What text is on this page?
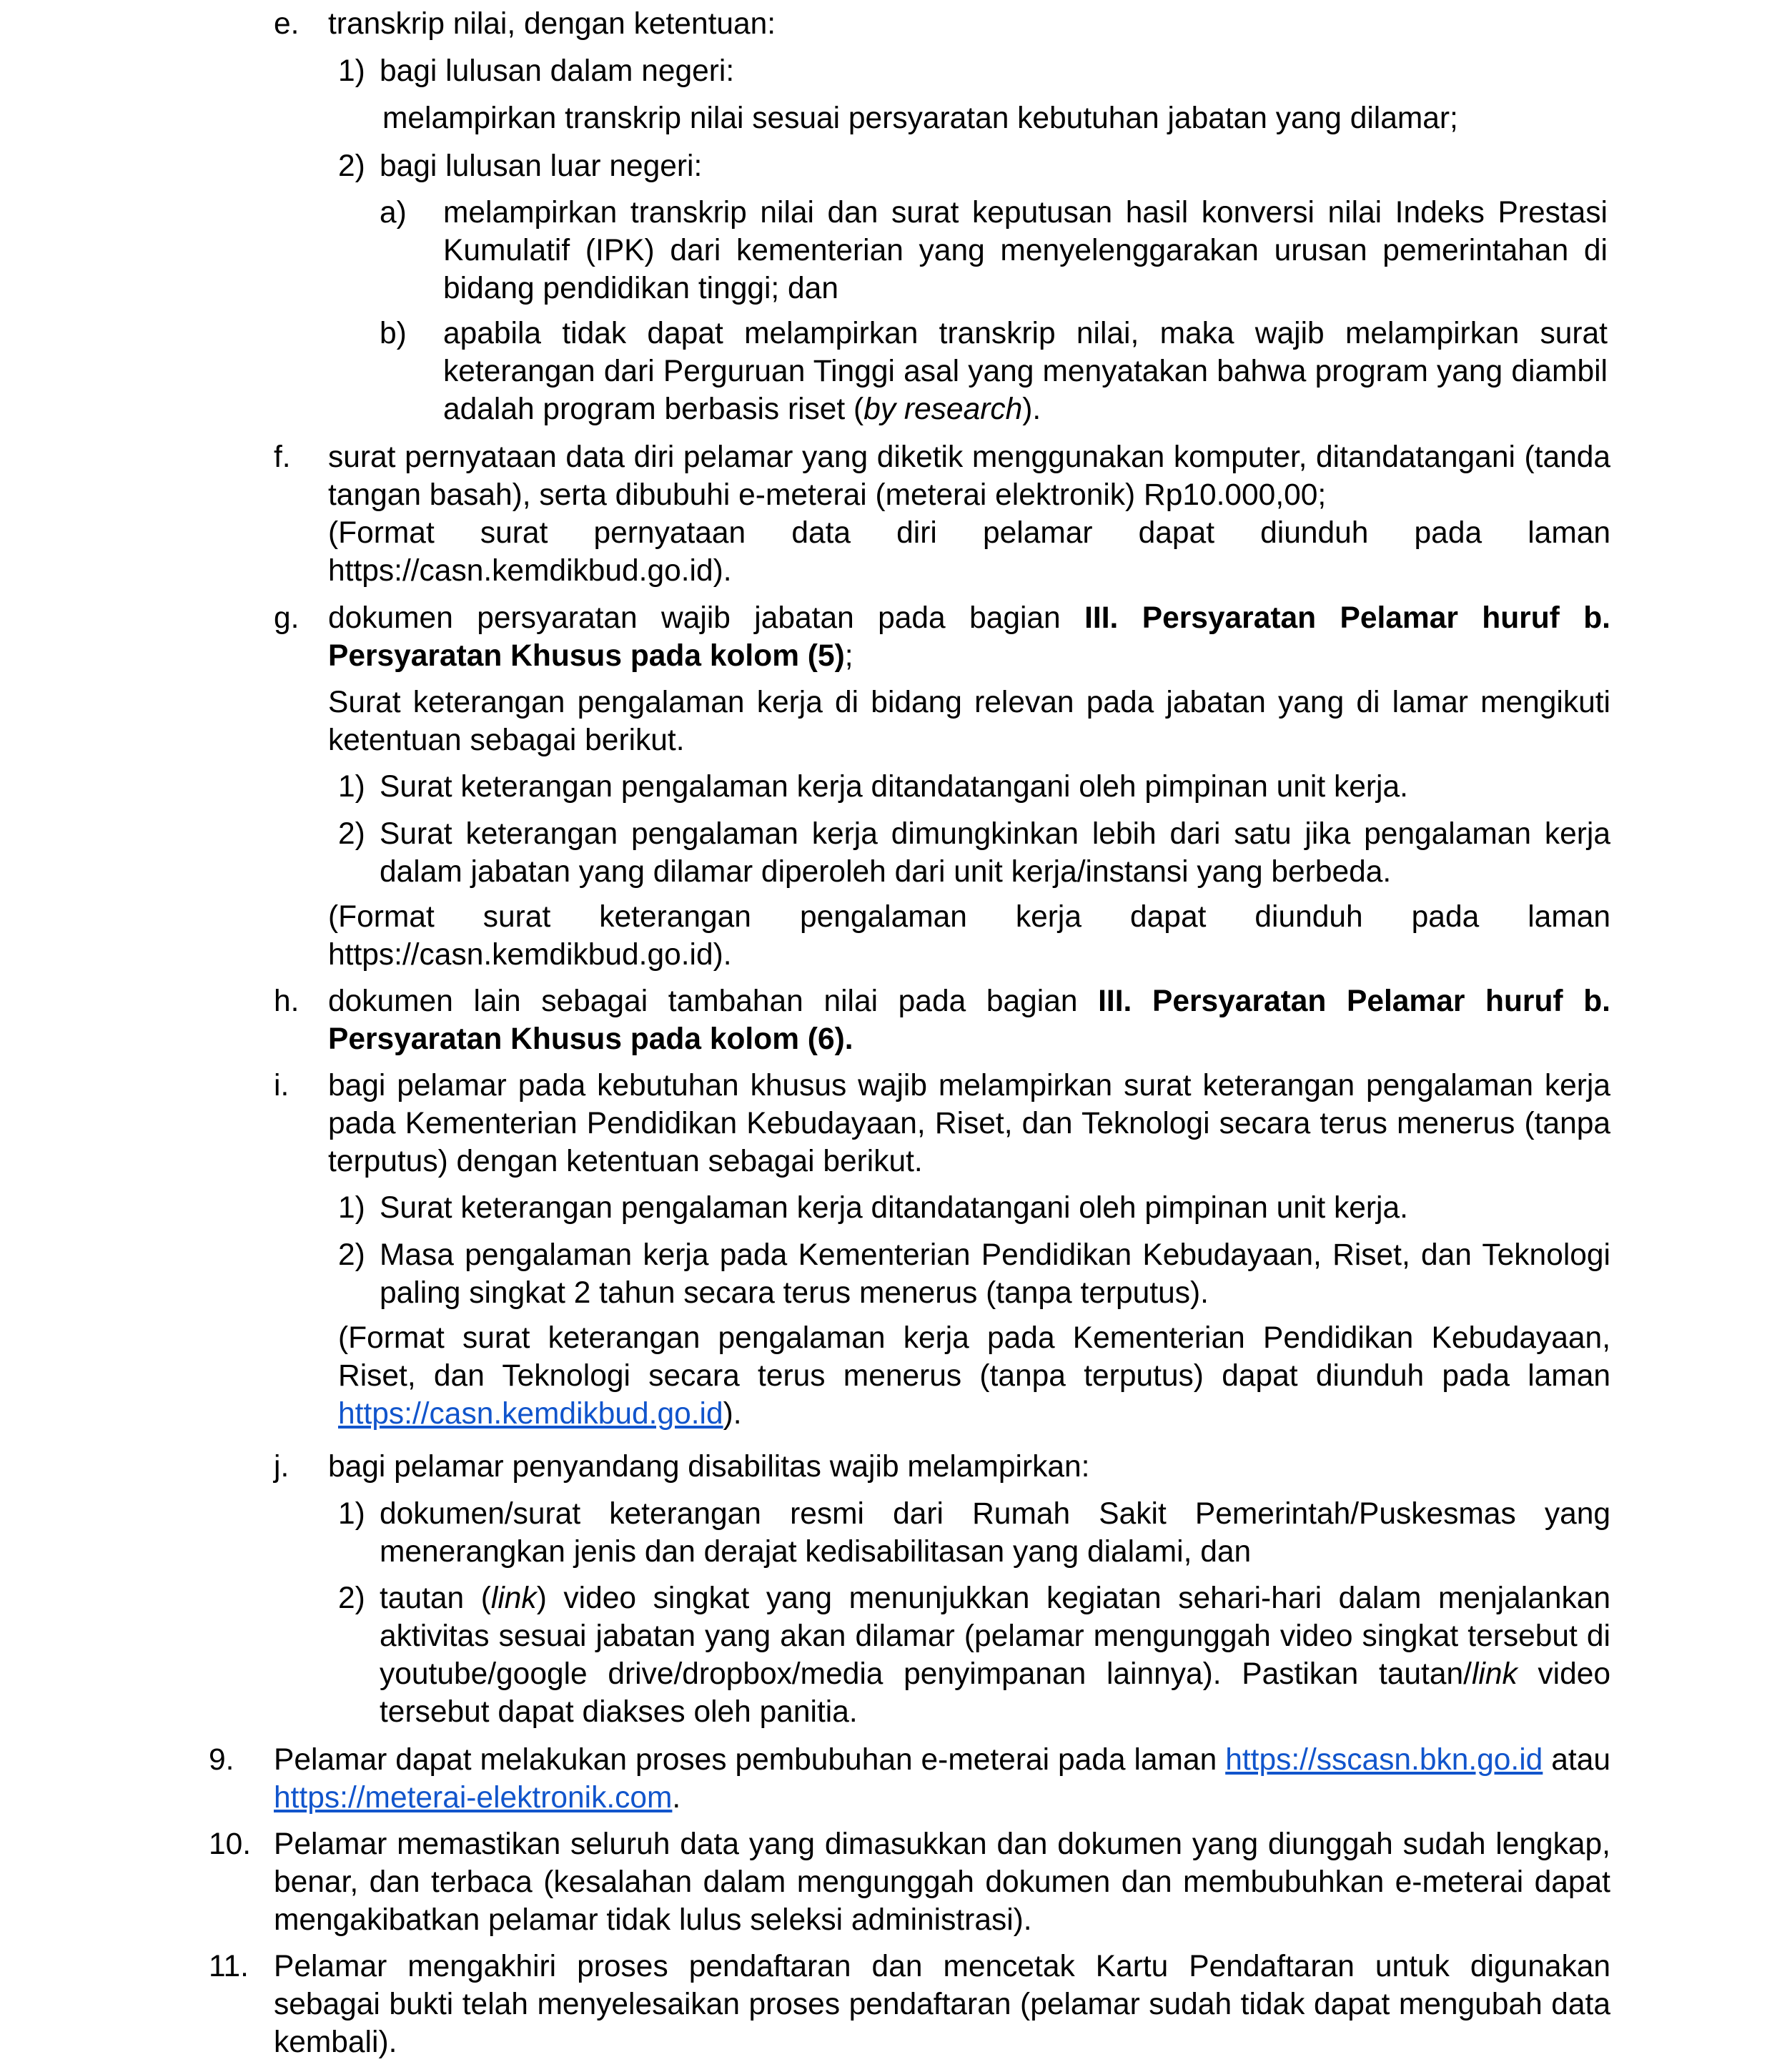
e. transkrip nilai, dengan ketentuan:
1) bagi lulusan dalam negeri:
melampirkan transkrip nilai sesuai persyaratan kebutuhan jabatan yang dilamar;
2) bagi lulusan luar negeri:
a) melampirkan transkrip nilai dan surat keputusan hasil konversi nilai Indeks Prestasi Kumulatif (IPK) dari kementerian yang menyelenggarakan urusan pemerintahan di bidang pendidikan tinggi; dan
b) apabila tidak dapat melampirkan transkrip nilai, maka wajib melampirkan surat keterangan dari Perguruan Tinggi asal yang menyatakan bahwa program yang diambil adalah program berbasis riset (by research).
f. surat pernyataan data diri pelamar yang diketik menggunakan komputer, ditandatangani (tanda tangan basah), serta dibubuhi e-meterai (meterai elektronik) Rp10.000,00;
(Format surat pernyataan data diri pelamar dapat diunduh pada laman https://casn.kemdikbud.go.id).
g. dokumen persyaratan wajib jabatan pada bagian III. Persyaratan Pelamar huruf b. Persyaratan Khusus pada kolom (5);
Surat keterangan pengalaman kerja di bidang relevan pada jabatan yang di lamar mengikuti ketentuan sebagai berikut.
1) Surat keterangan pengalaman kerja ditandatangani oleh pimpinan unit kerja.
2) Surat keterangan pengalaman kerja dimungkinkan lebih dari satu jika pengalaman kerja dalam jabatan yang dilamar diperoleh dari unit kerja/instansi yang berbeda.
(Format surat keterangan pengalaman kerja dapat diunduh pada laman https://casn.kemdikbud.go.id).
h. dokumen lain sebagai tambahan nilai pada bagian III. Persyaratan Pelamar huruf b. Persyaratan Khusus pada kolom (6).
i. bagi pelamar pada kebutuhan khusus wajib melampirkan surat keterangan pengalaman kerja pada Kementerian Pendidikan Kebudayaan, Riset, dan Teknologi secara terus menerus (tanpa terputus) dengan ketentuan sebagai berikut.
1) Surat keterangan pengalaman kerja ditandatangani oleh pimpinan unit kerja.
2) Masa pengalaman kerja pada Kementerian Pendidikan Kebudayaan, Riset, dan Teknologi paling singkat 2 tahun secara terus menerus (tanpa terputus).
(Format surat keterangan pengalaman kerja pada Kementerian Pendidikan Kebudayaan, Riset, dan Teknologi secara terus menerus (tanpa terputus) dapat diunduh pada laman https://casn.kemdikbud.go.id).
j. bagi pelamar penyandang disabilitas wajib melampirkan:
1) dokumen/surat keterangan resmi dari Rumah Sakit Pemerintah/Puskesmas yang menerangkan jenis dan derajat kedisabilitasan yang dialami, dan
2) tautan (link) video singkat yang menunjukkan kegiatan sehari-hari dalam menjalankan aktivitas sesuai jabatan yang akan dilamar (pelamar mengunggah video singkat tersebut di youtube/google drive/dropbox/media penyimpanan lainnya). Pastikan tautan/link video tersebut dapat diakses oleh panitia.
9. Pelamar dapat melakukan proses pembubuhan e-meterai pada laman https://sscasn.bkn.go.id atau https://meterai-elektronik.com.
10. Pelamar memastikan seluruh data yang dimasukkan dan dokumen yang diunggah sudah lengkap, benar, dan terbaca (kesalahan dalam mengunggah dokumen dan membubuhkan e-meterai dapat mengakibatkan pelamar tidak lulus seleksi administrasi).
11. Pelamar mengakhiri proses pendaftaran dan mencetak Kartu Pendaftaran untuk digunakan sebagai bukti telah menyelesaikan proses pendaftaran (pelamar sudah tidak dapat mengubah data kembali).
